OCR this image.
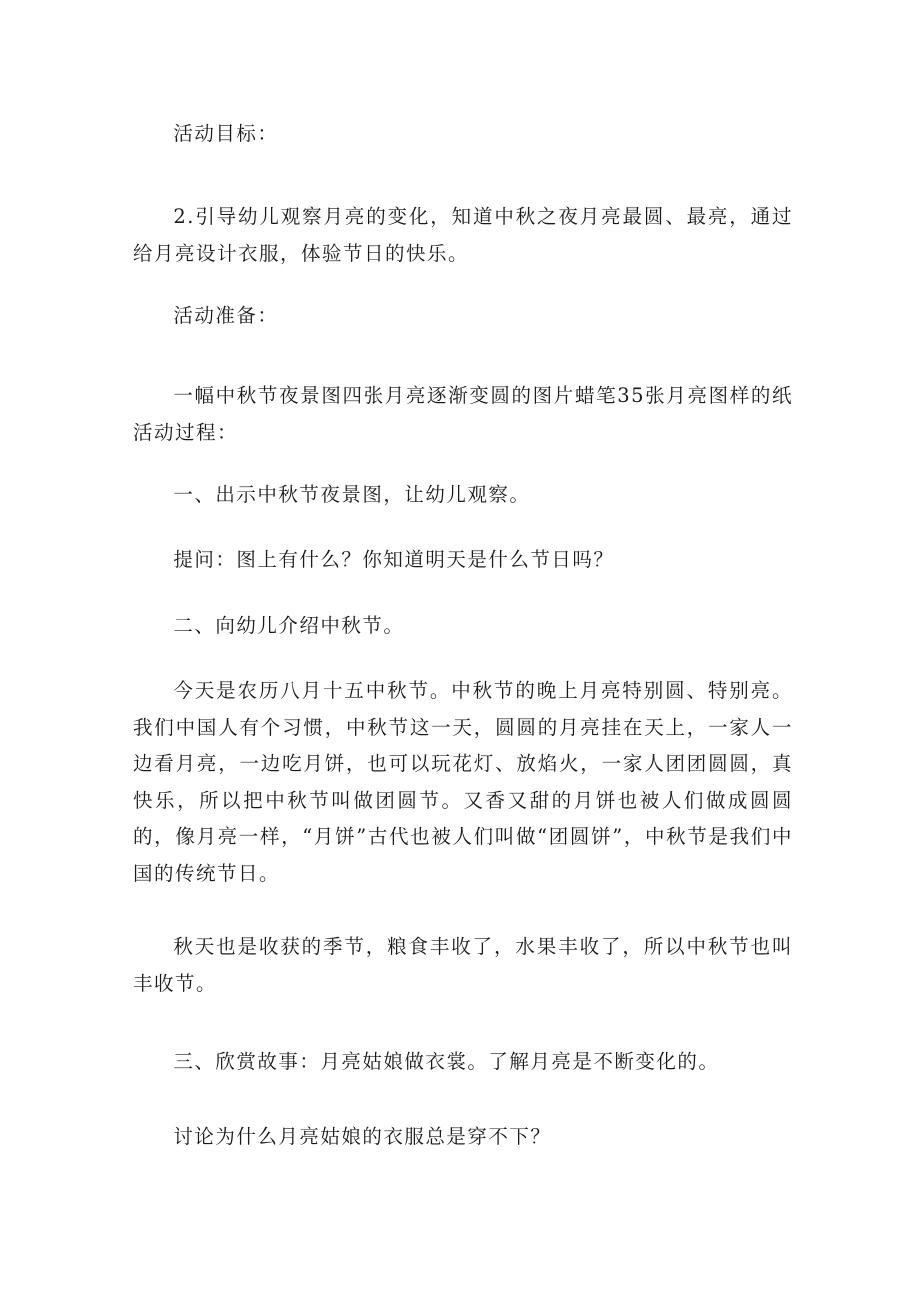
活动目标：

2.引导幼儿观察月亮的变化，知道中秋之夜月亮最圆、最亮，通过给月亮设计衣服，体验节日的快乐。

活动准备：

一幅中秋节夜景图四张月亮逐渐变圆的图片蜡笔35张月亮图样的纸活动过程：

一、出示中秋节夜景图，让幼儿观察。

提问：图上有什么？你知道明天是什么节日吗？

二、向幼儿介绍中秋节。

今天是农历八月十五中秋节。中秋节的晚上月亮特别圆、特别亮。我们中国人有个习惯，中秋节这一天，圆圆的月亮挂在天上，一家人一边看月亮，一边吃月饼，也可以玩花灯、放焰火，一家人团团圆圆，真快乐，所以把中秋节叫做团圆节。又香又甜的月饼也被人们做成圆圆的，像月亮一样，“月饼”古代也被人们叫做“团圆饼”，中秋节是我们中国的传统节日。

秋天也是收获的季节，粮食丰收了，水果丰收了，所以中秋节也叫丰收节。

三、欣赏故事：月亮姑娘做衣裳。了解月亮是不断变化的。

讨论为什么月亮姑娘的衣服总是穿不下？
